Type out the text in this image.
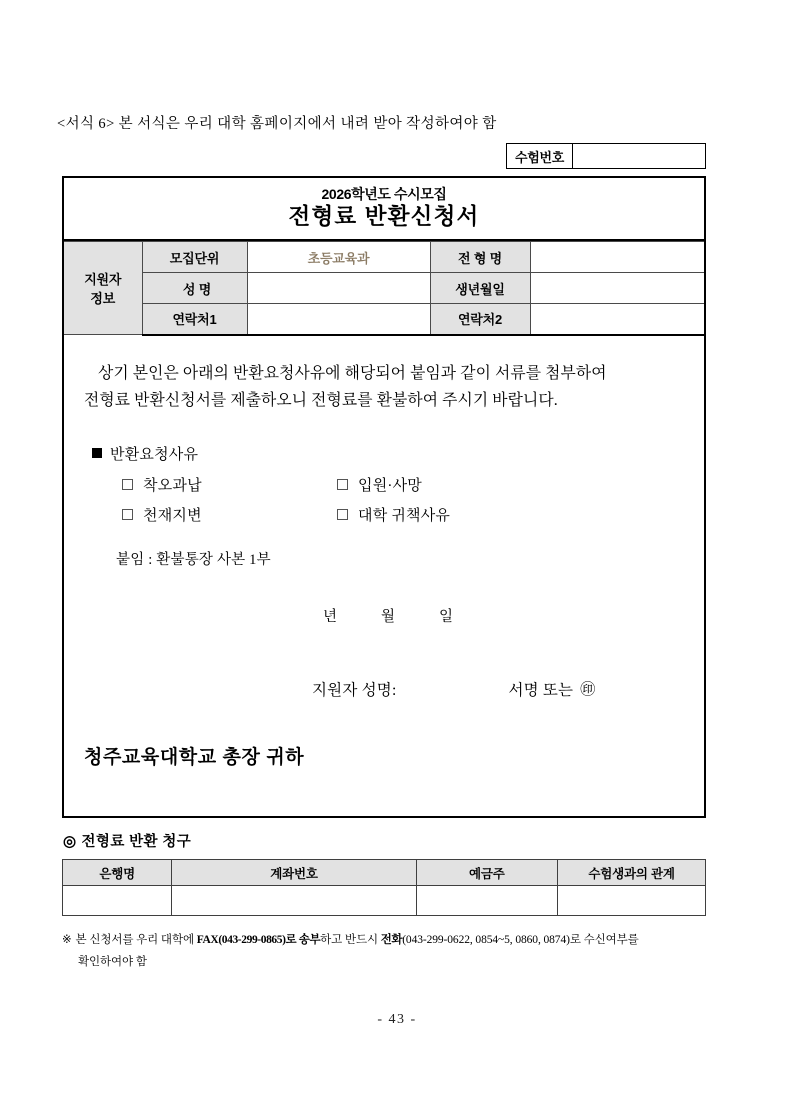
<서식 6> 본 서식은 우리 대학 홈페이지에서 내려 받아 작성하여야 함
수험번호
2026학년도 수시모집
전형료 반환신청서
지원자
정보	모집단위	초등교육과	전 형 명	
	성 명		생년월일	
	연락처1		연락처2	
상기 본인은 아래의 반환요청사유에 해당되어 붙임과 같이 서류를 첨부하여
전형료 반환신청서를 제출하오니 전형료를 환불하여 주시기 바랍니다.
반환요청사유
착오과납	입원·사망
천재지변	대학 귀책사유
붙임 : 환불통장 사본 1부
년	월	일
지원자 성명:	서명 또는 ㊞
청주교육대학교 총장 귀하
◎ 전형료 반환 청구
은행명	계좌번호	예금주	수험생과의 관계

※ 본 신청서를 우리 대학에 FAX(043-299-0865)로 송부하고 반드시 전화(043-299-0622, 0854~5, 0860, 0874)로 수신여부를
확인하여야 함
- 43 -
